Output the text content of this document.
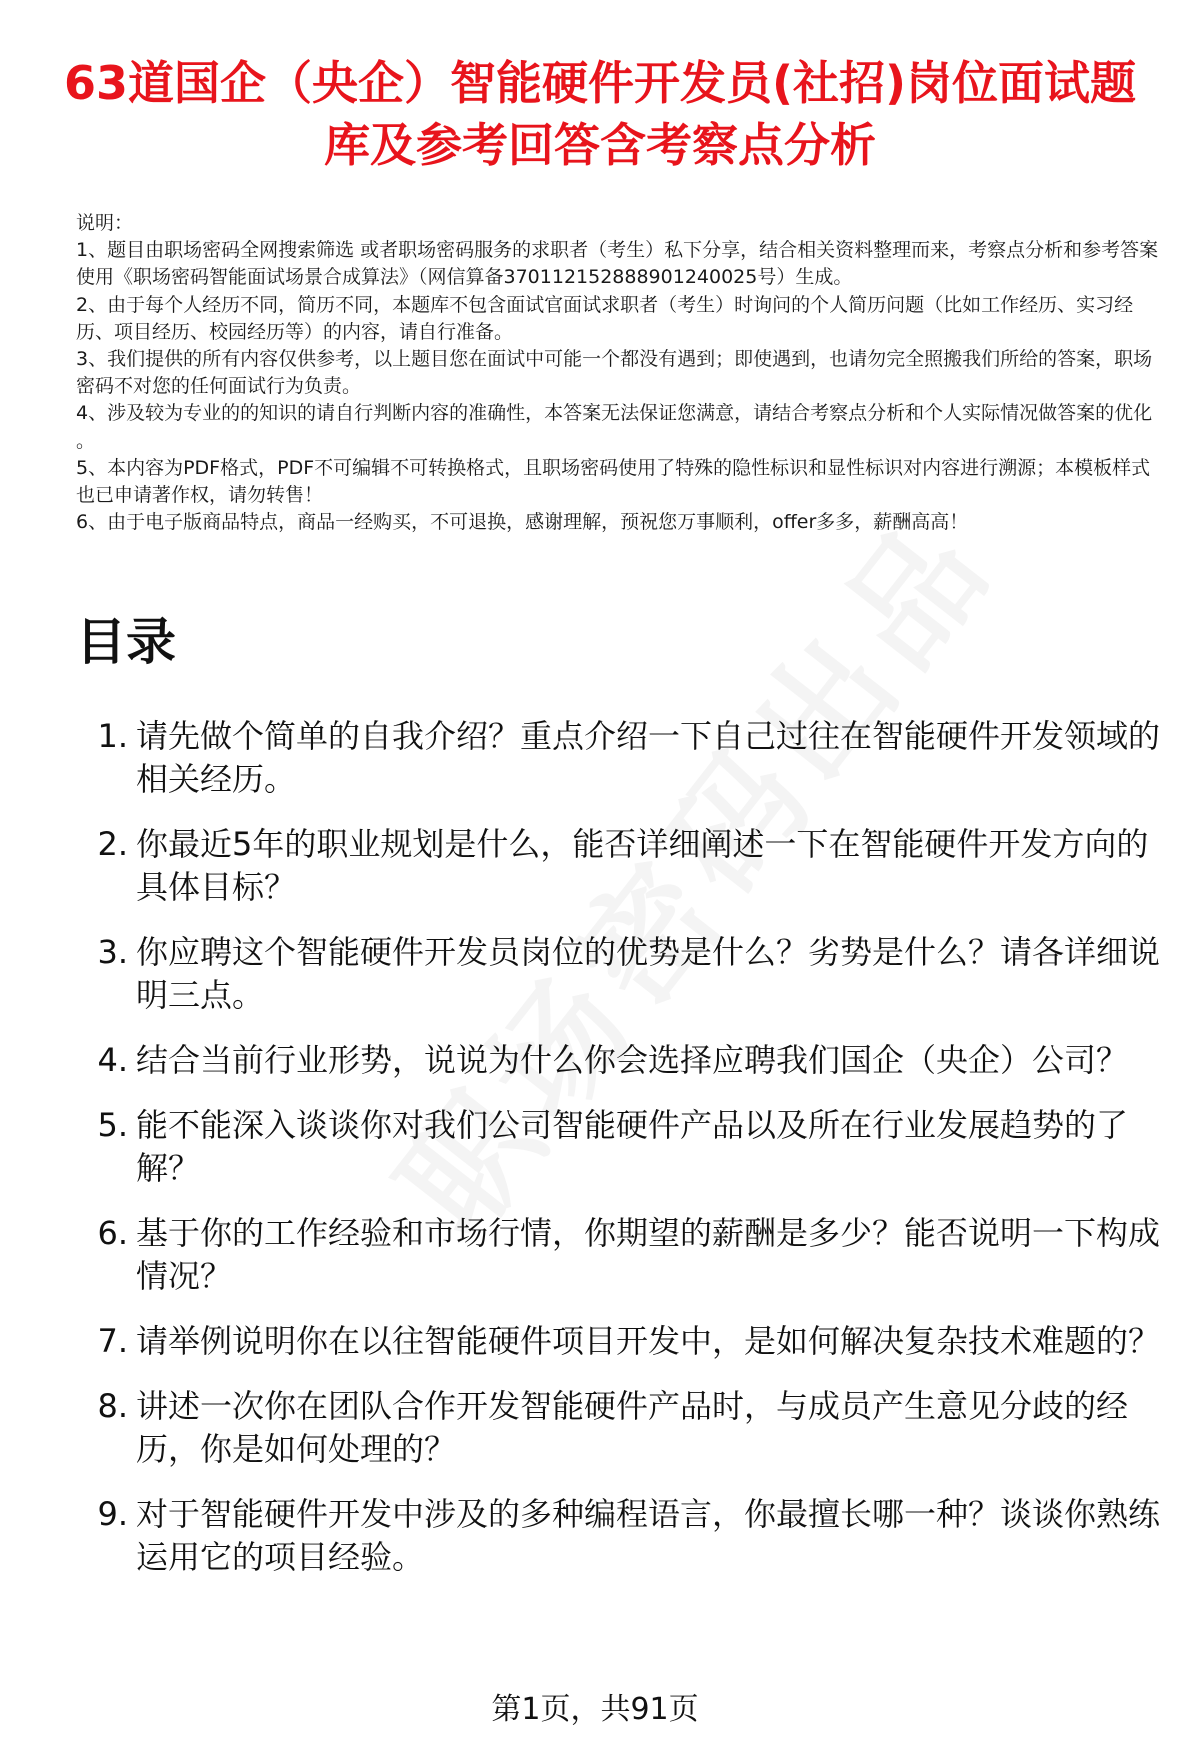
63道国企（央企）智能硬件开发员(社招)岗位面试题库及参考回答含考察点分析

说明：

1、题目由职场密码全网搜索筛选 或者职场密码服务的求职者（考生）私下分享，结合相关资料整理而来，考察点分析和参考答案使用《职场密码智能面试场景合成算法》（网信算备370112152888901240025号）生成。

2、由于每个人经历不同，简历不同，本题库不包含面试官面试求职者（考生）时询问的个人简历问题（比如工作经历、实习经历、项目经历、校园经历等）的内容，请自行准备。

3、我们提供的所有内容仅供参考，以上题目您在面试中可能一个都没有遇到；即使遇到，也请勿完全照搬我们所给的答案，职场密码不对您的任何面试行为负责。

4、涉及较为专业的的知识的请自行判断内容的准确性，本答案无法保证您满意，请结合考察点分析和个人实际情况做答案的优化 。

5、本内容为PDF格式，PDF不可编辑不可转换格式，且职场密码使用了特殊的隐性标识和显性标识对内容进行溯源；本模板样式也已申请著作权，请勿转售！

6、由于电子版商品特点，商品一经购买，不可退换，感谢理解，预祝您万事顺利，offer多多，薪酬高高！

目录
1. 请先做个简单的自我介绍？重点介绍一下自己过往在智能硬件开发领域的相关经历。
2. 你最近5年的职业规划是什么，能否详细阐述一下在智能硬件开发方向的具体目标？
3. 你应聘这个智能硬件开发员岗位的优势是什么？劣势是什么？请各详细说明三点。
4. 结合当前行业形势，说说为什么你会选择应聘我们国企（央企）公司？
5. 能不能深入谈谈你对我们公司智能硬件产品以及所在行业发展趋势的了解？
6. 基于你的工作经验和市场行情，你期望的薪酬是多少？能否说明一下构成情况？
7. 请举例说明你在以往智能硬件项目开发中，是如何解决复杂技术难题的？
8. 讲述一次你在团队合作开发智能硬件产品时，与成员产生意见分歧的经历，你是如何处理的？
9. 对于智能硬件开发中涉及的多种编程语言，你最擅长哪一种？谈谈你熟练运用它的项目经验。
第1页，共91页
